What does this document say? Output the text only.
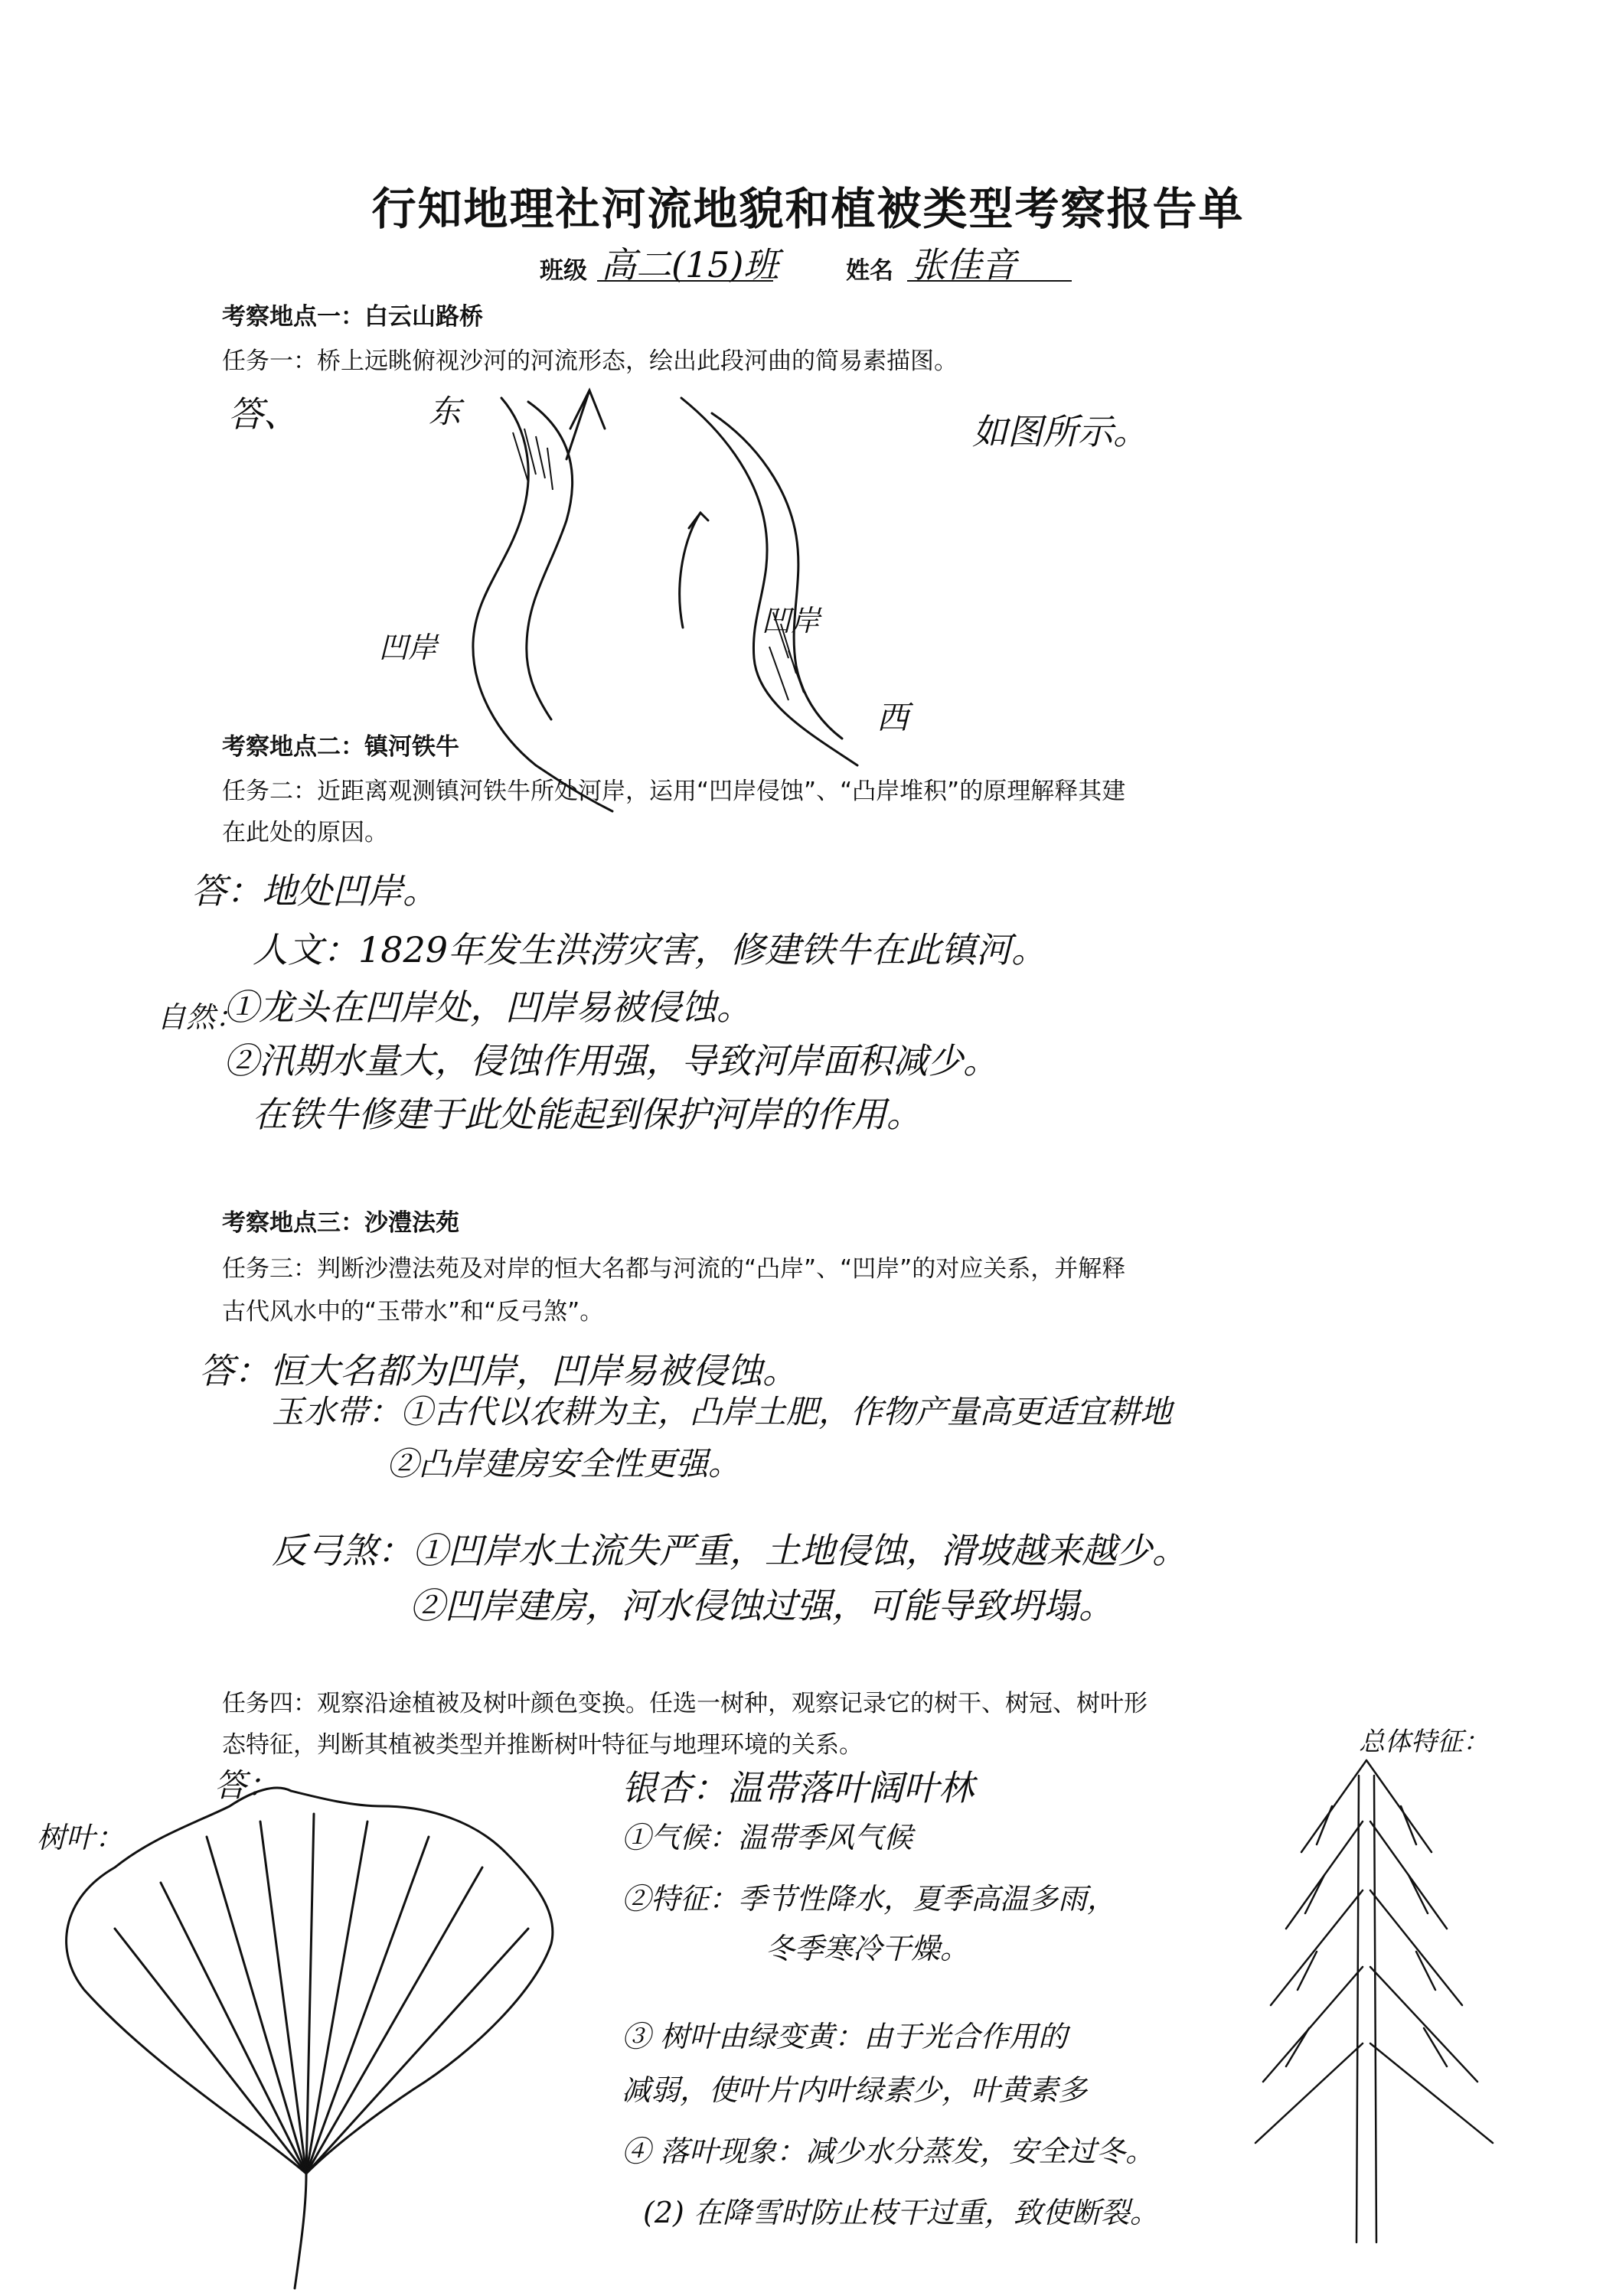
行知地理社河流地貌和植被类型考察报告单
班级 高二(15)班	姓名 张佳音
考察地点一：白云山路桥
任务一：桥上远眺俯视沙河的河流形态，绘出此段河曲的简易素描图。
答、	如图所示。
东
西
凹岸
凹岸
考察地点二：镇河铁牛
任务二：近距离观测镇河铁牛所处河岸，运用“凹岸侵蚀”、“凸岸堆积”的原理解释其建
在此处的原因。
答：地处凹岸。
人文：1829年发生洪涝灾害，修建铁牛在此镇河。
自然：
①龙头在凹岸处，凹岸易被侵蚀。
②汛期水量大，侵蚀作用强，导致河岸面积减少。
在铁牛修建于此处能起到保护河岸的作用。
考察地点三：沙澧法苑
任务三：判断沙澧法苑及对岸的恒大名都与河流的“凸岸”、“凹岸”的对应关系，并解释
古代风水中的“玉带水”和“反弓煞”。
答：恒大名都为凹岸，凹岸易被侵蚀。
玉水带：①古代以农耕为主，凸岸土肥，作物产量高更适宜耕地
②凸岸建房安全性更强。
反弓煞：①凹岸水土流失严重，土地侵蚀，滑坡越来越少。
②凹岸建房，河水侵蚀过强，可能导致坍塌。
任务四：观察沿途植被及树叶颜色变换。任选一树种，观察记录它的树干、树冠、树叶形
态特征，判断其植被类型并推断树叶特征与地理环境的关系。
答：
树叶：
总体特征：
银杏：温带落叶阔叶林
①气候：温带季风气候
②特征：季节性降水，夏季高温多雨，
冬季寒冷干燥。
③ 树叶由绿变黄：由于光合作用的
减弱，使叶片内叶绿素少，叶黄素多
④ 落叶现象：减少水分蒸发，安全过冬。
(2) 在降雪时防止枝干过重，致使断裂。
